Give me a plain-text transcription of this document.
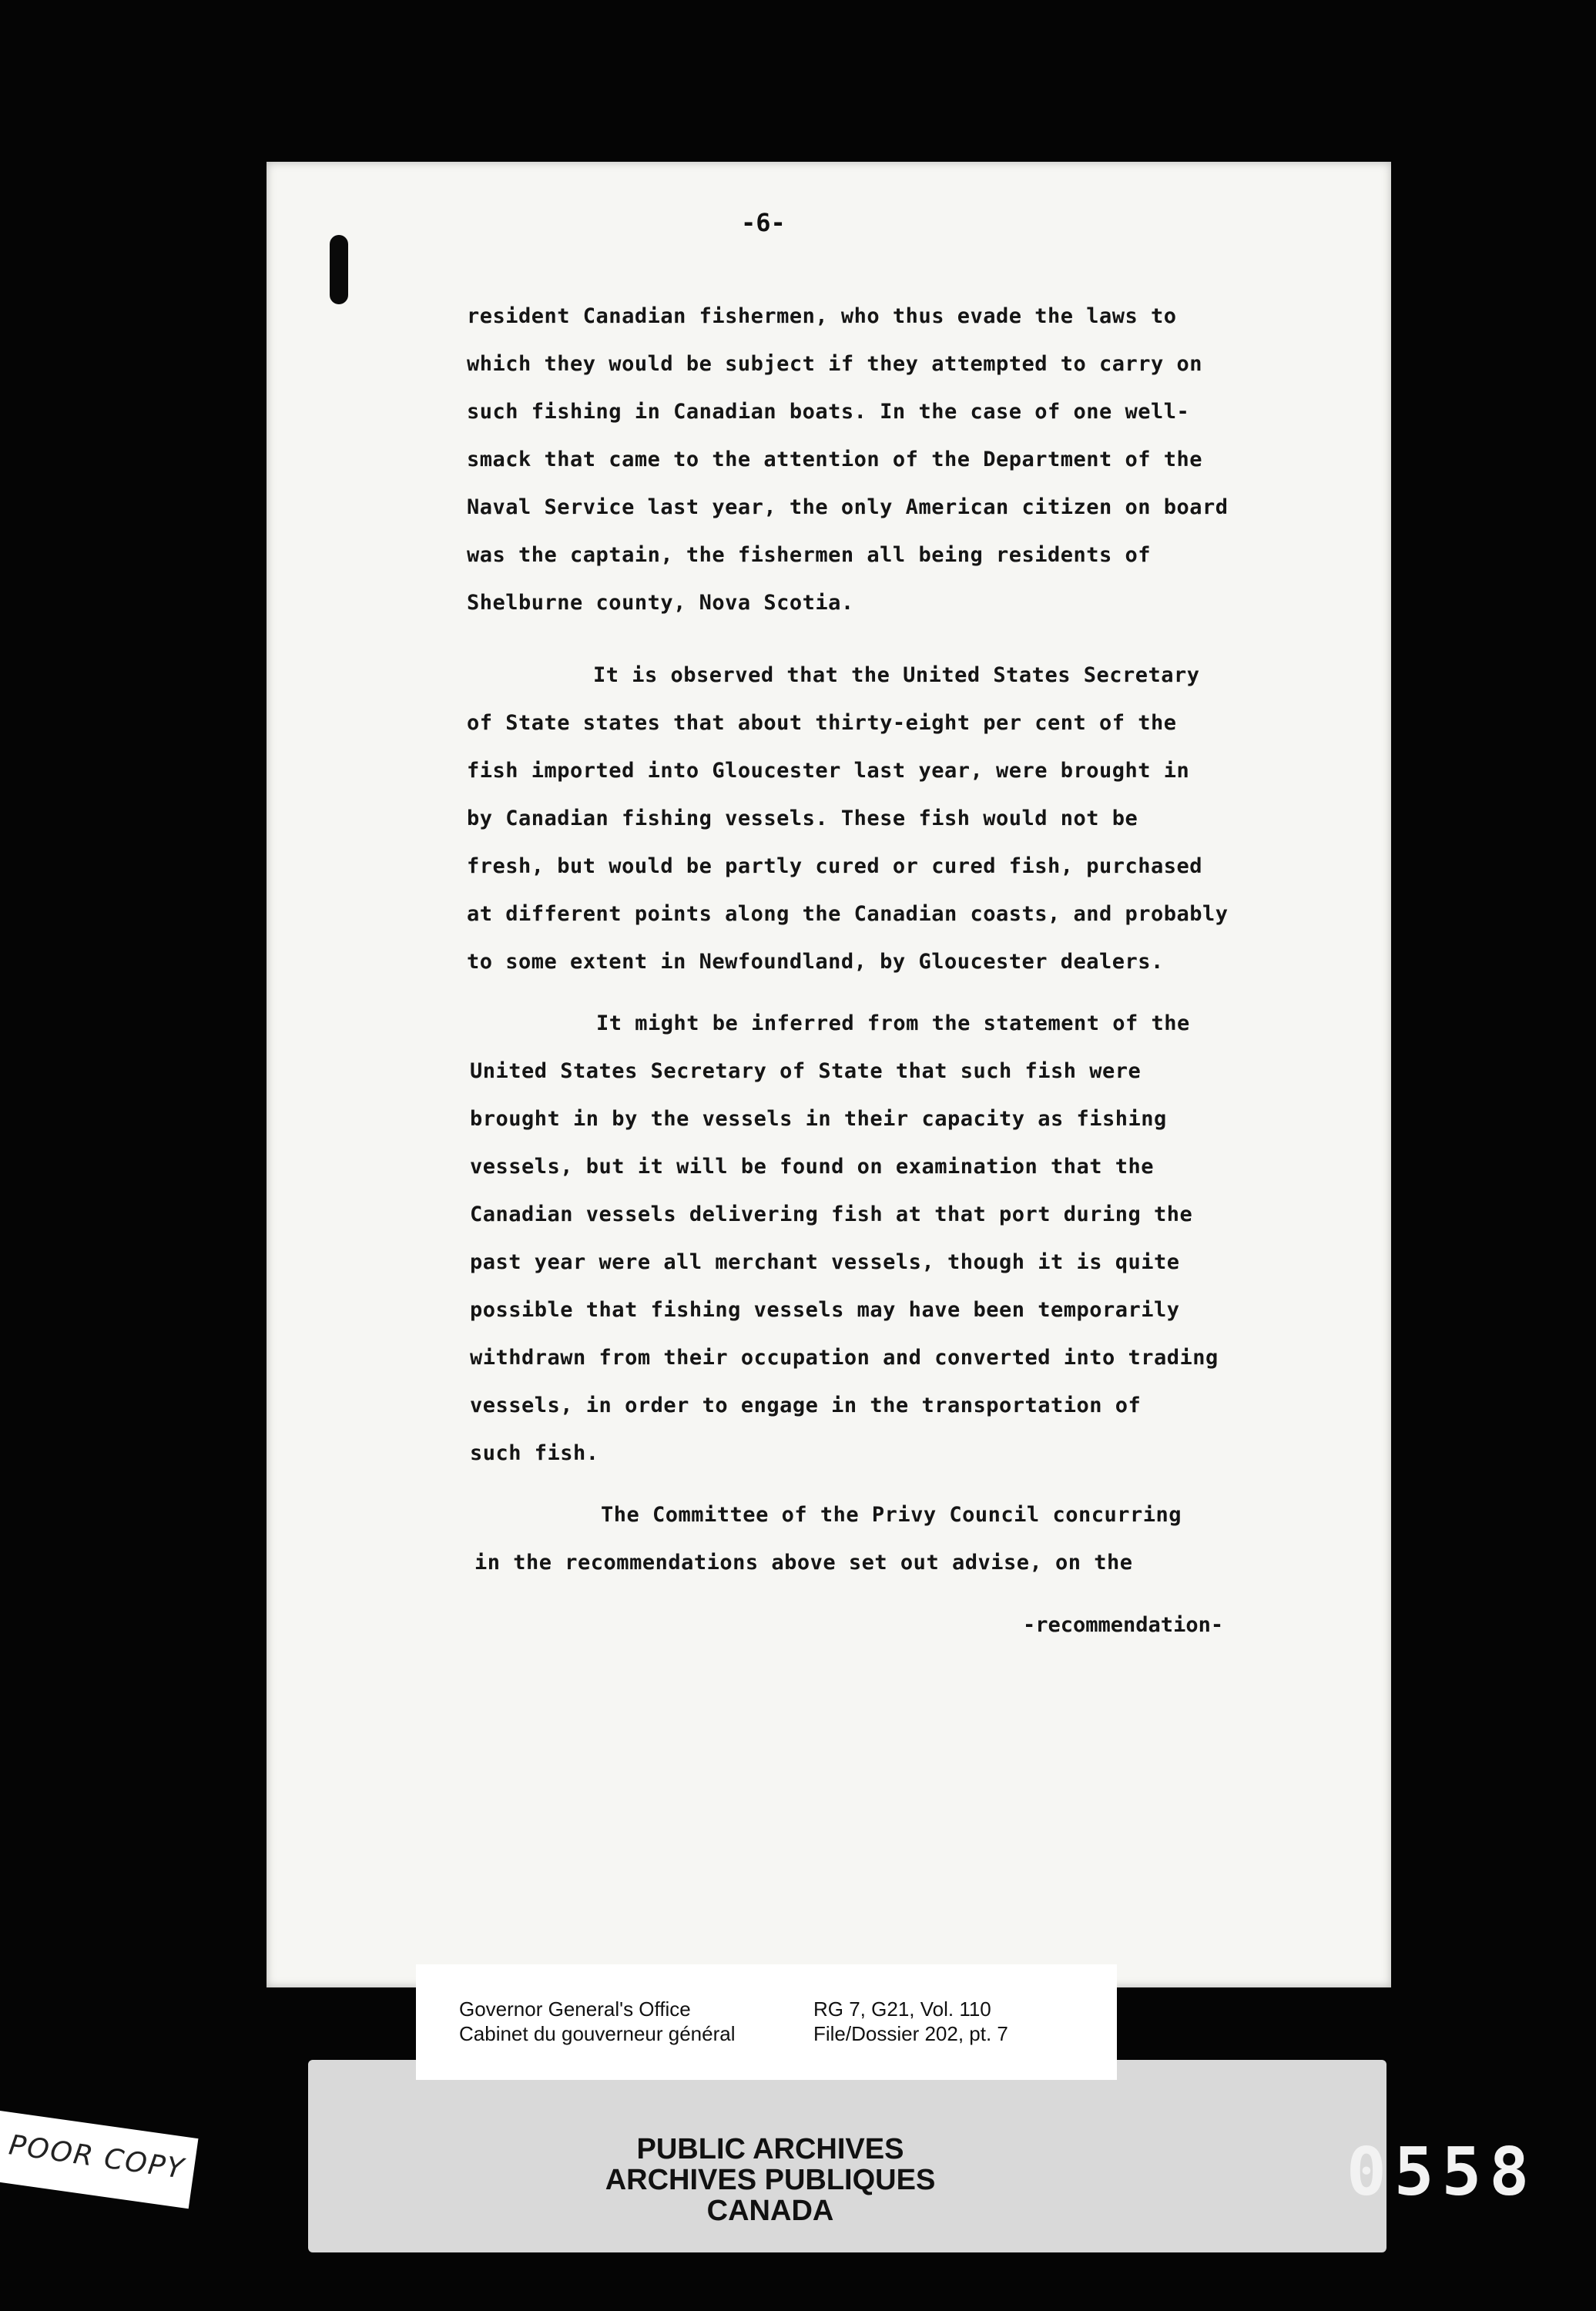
-6-
resident Canadian fishermen, who thus evade the laws to
which they would be subject if they attempted to carry on
such fishing in Canadian boats. In the case of one well-
smack that came to the attention of the Department of the
Naval Service last year, the only American citizen on board
was the captain, the fishermen all being residents of
Shelburne county, Nova Scotia.
It is observed that the United States Secretary
of State states that about thirty-eight per cent of the
fish imported into Gloucester last year, were brought in
by Canadian fishing vessels. These fish would not be
fresh, but would be partly cured or cured fish, purchased
at different points along the Canadian coasts, and probably
to some extent in Newfoundland, by Gloucester dealers.
It might be inferred from the statement of the
United States Secretary of State that such fish were
brought in by the vessels in their capacity as fishing
vessels, but it will be found on examination that the
Canadian vessels delivering fish at that port during the
past year were all merchant vessels, though it is quite
possible that fishing vessels may have been temporarily
withdrawn from their occupation and converted into trading
vessels, in order to engage in the transportation of
such fish.
The Committee of the Privy Council concurring
in the recommendations above set out advise, on the
-recommendation-
Governor General's Office
Cabinet du gouverneur général
RG 7, G21, Vol. 110
File/Dossier 202, pt. 7
PUBLIC ARCHIVES
ARCHIVES PUBLIQUES
CANADA
POOR COPY	0558
